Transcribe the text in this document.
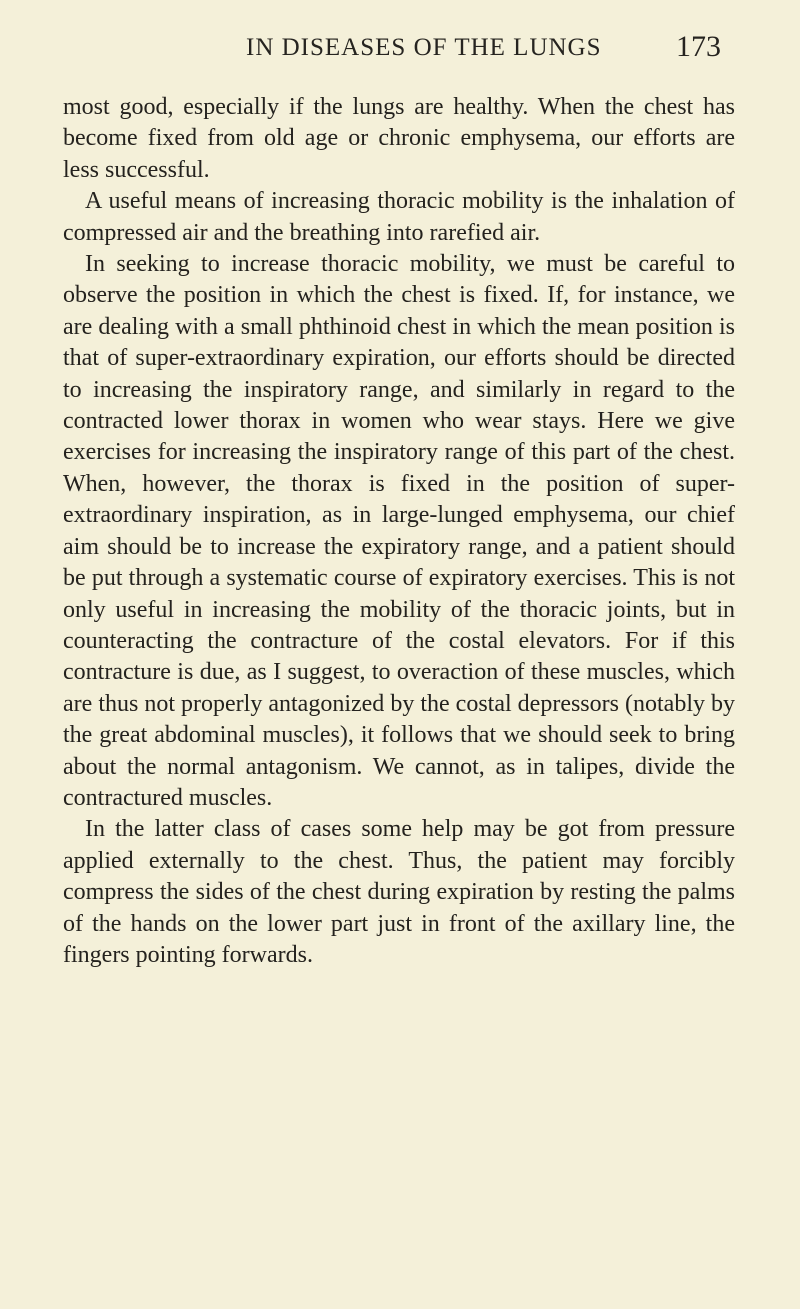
IN DISEASES OF THE LUNGS 173

most good, especially if the lungs are healthy. When the chest has become fixed from old age or chronic emphysema, our efforts are less successful.

A useful means of increasing thoracic mobility is the inhalation of compressed air and the breathing into rarefied air.

In seeking to increase thoracic mobility, we must be careful to observe the position in which the chest is fixed. If, for instance, we are dealing with a small phthinoid chest in which the mean position is that of super-extraordinary expiration, our efforts should be directed to increasing the inspiratory range, and similarly in regard to the contracted lower thorax in women who wear stays. Here we give exercises for increasing the inspiratory range of this part of the chest. When, however, the thorax is fixed in the position of super-extraordinary inspiration, as in large-lunged emphysema, our chief aim should be to increase the expiratory range, and a patient should be put through a systematic course of expiratory exercises. This is not only useful in increasing the mobility of the thoracic joints, but in counteracting the contracture of the costal elevators. For if this contracture is due, as I suggest, to overaction of these muscles, which are thus not properly antagonized by the costal depressors (notably by the great abdominal muscles), it follows that we should seek to bring about the normal antagonism. We cannot, as in talipes, divide the contractured muscles.

In the latter class of cases some help may be got from pressure applied externally to the chest. Thus, the patient may forcibly compress the sides of the chest during expiration by resting the palms of the hands on the lower part just in front of the axillary line, the fingers pointing forwards.
